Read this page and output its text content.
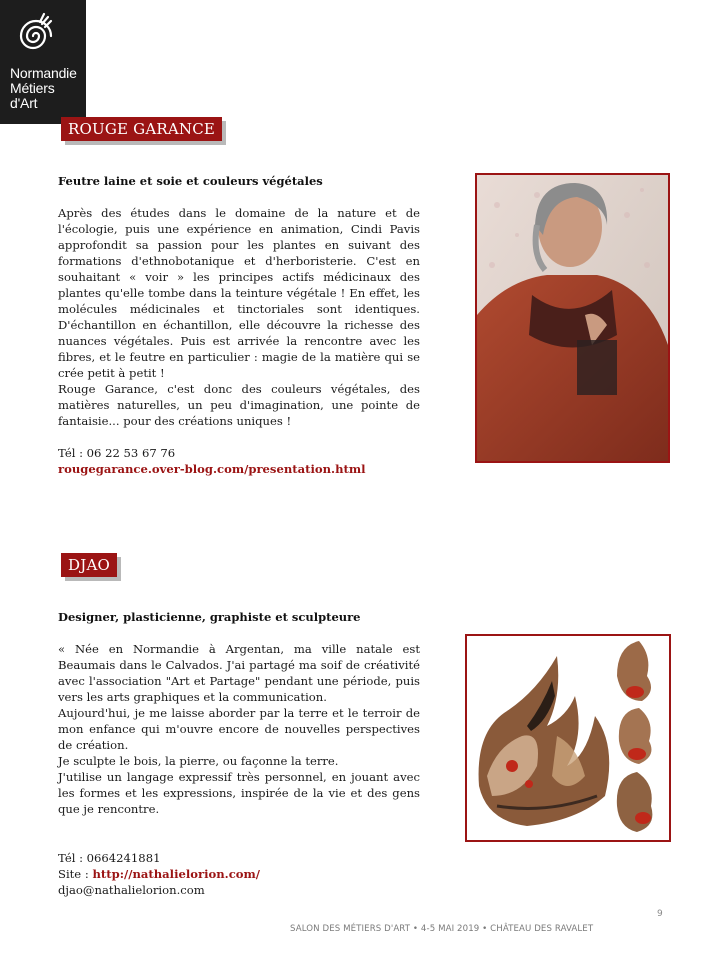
Normandie
Métiers
d'Art
ROUGE GARANCE
Feutre laine et soie et couleurs végétales

Après des études dans le domaine de la nature et de l'écologie, puis une expérience en animation, Cindi Pavis approfondit sa passion pour les plantes en suivant des formations d'ethnobotanique et d'herboristerie. C'est en souhaitant « voir » les principes actifs médicinaux des plantes qu'elle tombe dans la teinture végétale ! En effet, les molécules médicinales et tinctoriales sont identiques. D'échantillon en échantillon, elle découvre la richesse des nuances végétales. Puis est arrivée la rencontre avec les fibres, et le feutre en particulier : magie de la matière qui se crée petit à petit !

Rouge Garance, c'est donc des couleurs végétales, des matières naturelles, un peu d'imagination, une pointe de fantaisie... pour des créations uniques !

Tél : 06 22 53 67 76
rougegarance.over-blog.com/presentation.html
DJAO
Designer, plasticienne, graphiste et sculpteure

« Née en Normandie à Argentan, ma ville natale est Beaumais dans le Calvados. J'ai partagé ma soif de créativité avec l'association "Art et Partage" pendant une période, puis vers les arts graphiques et la communication.

Aujourd'hui, je me laisse aborder par la terre et le terroir de mon enfance qui m'ouvre encore de nouvelles perspectives de création.

Je sculpte le bois, la pierre, ou façonne la terre.

J'utilise un langage expressif très personnel, en jouant avec les formes et les expressions, inspirée de la vie et des gens que je rencontre.

Tél : 0664241881
Site : http://nathalielorion.com/
djao@nathalielorion.com
9
SALON DES MÉTIERS D'ART • 4-5 MAI 2019 • CHÂTEAU DES RAVALET
